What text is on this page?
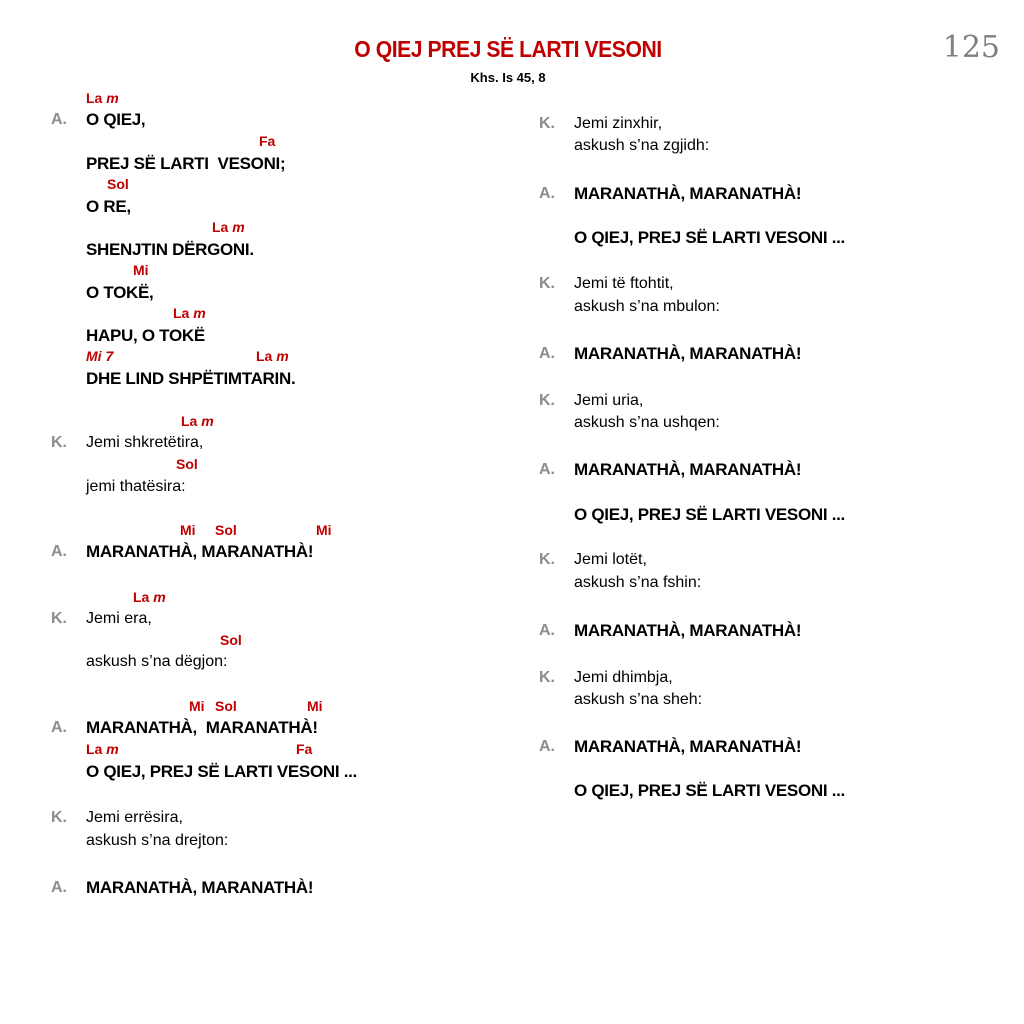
O QIEJ PREJ SË LARTI VESONI
Khs. Is 45, 8
125
La m
A. O QIEJ,
Fa
PREJ SË LARTI  VESONI;
Sol
O RE,
La m
SHENJTIN DËRGONI.
Mi
O TOKË,
La m
HAPU, O TOKË
Mi 7	La m
DHE LIND SHPËTIMTARIN.
La m
K. Jemi shkretëtira,
Sol
jemi thatësira:
Mi Sol	Mi
A. MARANATHÀ, MARANATHÀ!
La m
K. Jemi era,
Sol
askush s’na dëgjon:
Mi Sol	Mi
A. MARANATHÀ,  MARANATHÀ!
La m	Fa
O QIEJ, PREJ SË LARTI VESONI ...
K. Jemi errësira,
askush s’na drejton:
A. MARANATHÀ, MARANATHÀ!
K. Jemi zinxhir,
askush s’na zgjidh:
A. MARANATHÀ, MARANATHÀ!
O QIEJ, PREJ SË LARTI VESONI ...
K. Jemi të ftohtit,
askush s’na mbulon:
A. MARANATHÀ, MARANATHÀ!
K. Jemi uria,
askush s’na ushqen:
A. MARANATHÀ, MARANATHÀ!
O QIEJ, PREJ SË LARTI VESONI ...
K. Jemi lotët,
askush s’na fshin:
A. MARANATHÀ, MARANATHÀ!
K. Jemi dhimbja,
askush s’na sheh:
A. MARANATHÀ, MARANATHÀ!
O QIEJ, PREJ SË LARTI VESONI ...
